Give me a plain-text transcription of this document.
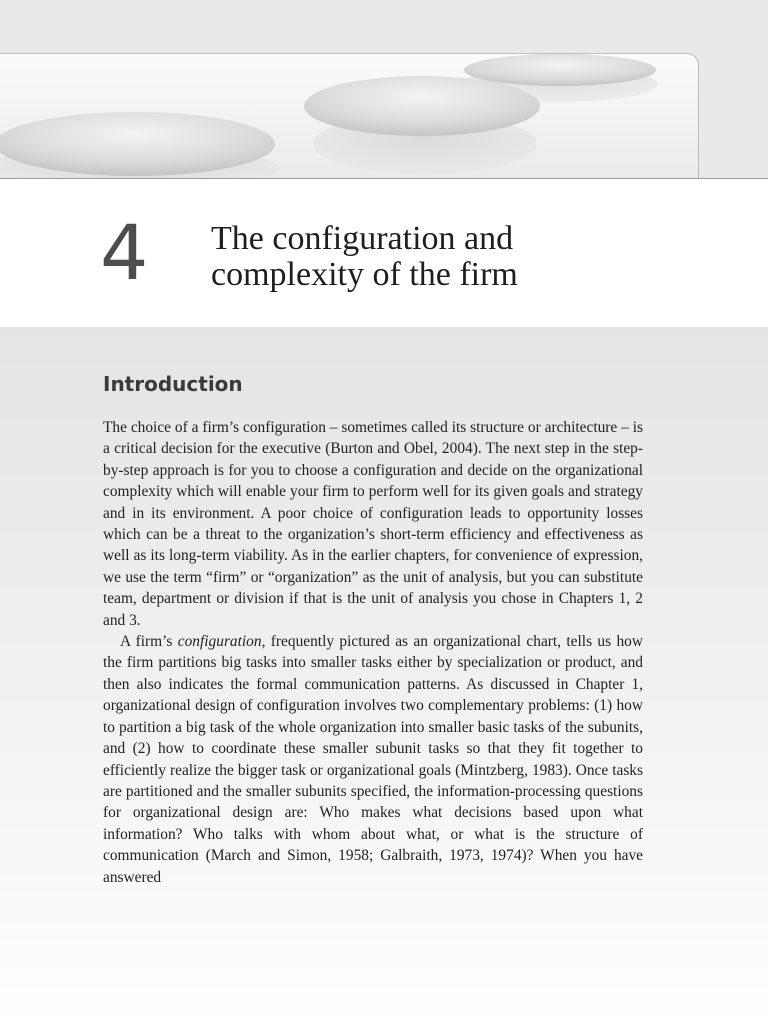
4 The configuration and
complexity of the firm
Introduction

The choice of a firm’s configuration – sometimes called its structure or architecture – is a critical decision for the executive (Burton and Obel, 2004). The next step in the step-by-step approach is for you to choose a configuration and decide on the organizational complexity which will enable your firm to perform well for its given goals and strategy and in its environment. A poor choice of configuration leads to opportunity losses which can be a threat to the organization’s short-term efficiency and effectiveness as well as its long-term viability. As in the earlier chapters, for convenience of expression, we use the term “firm” or “organization” as the unit of analysis, but you can substitute team, department or division if that is the unit of analysis you chose in Chapters 1, 2 and 3.

A firm’s configuration, frequently pictured as an organizational chart, tells us how the firm partitions big tasks into smaller tasks either by specialization or product, and then also indicates the formal communication patterns. As discussed in Chapter 1, organizational design of configuration involves two complementary problems: (1) how to partition a big task of the whole organization into smaller basic tasks of the subunits, and (2) how to coordinate these smaller subunit tasks so that they fit together to efficiently realize the bigger task or organizational goals (Mintzberg, 1983). Once tasks are partitioned and the smaller subunits specified, the information-processing questions for organizational design are: Who makes what decisions based upon what information? Who talks with whom about what, or what is the structure of communication (March and Simon, 1958; Galbraith, 1973, 1974)? When you have answered
